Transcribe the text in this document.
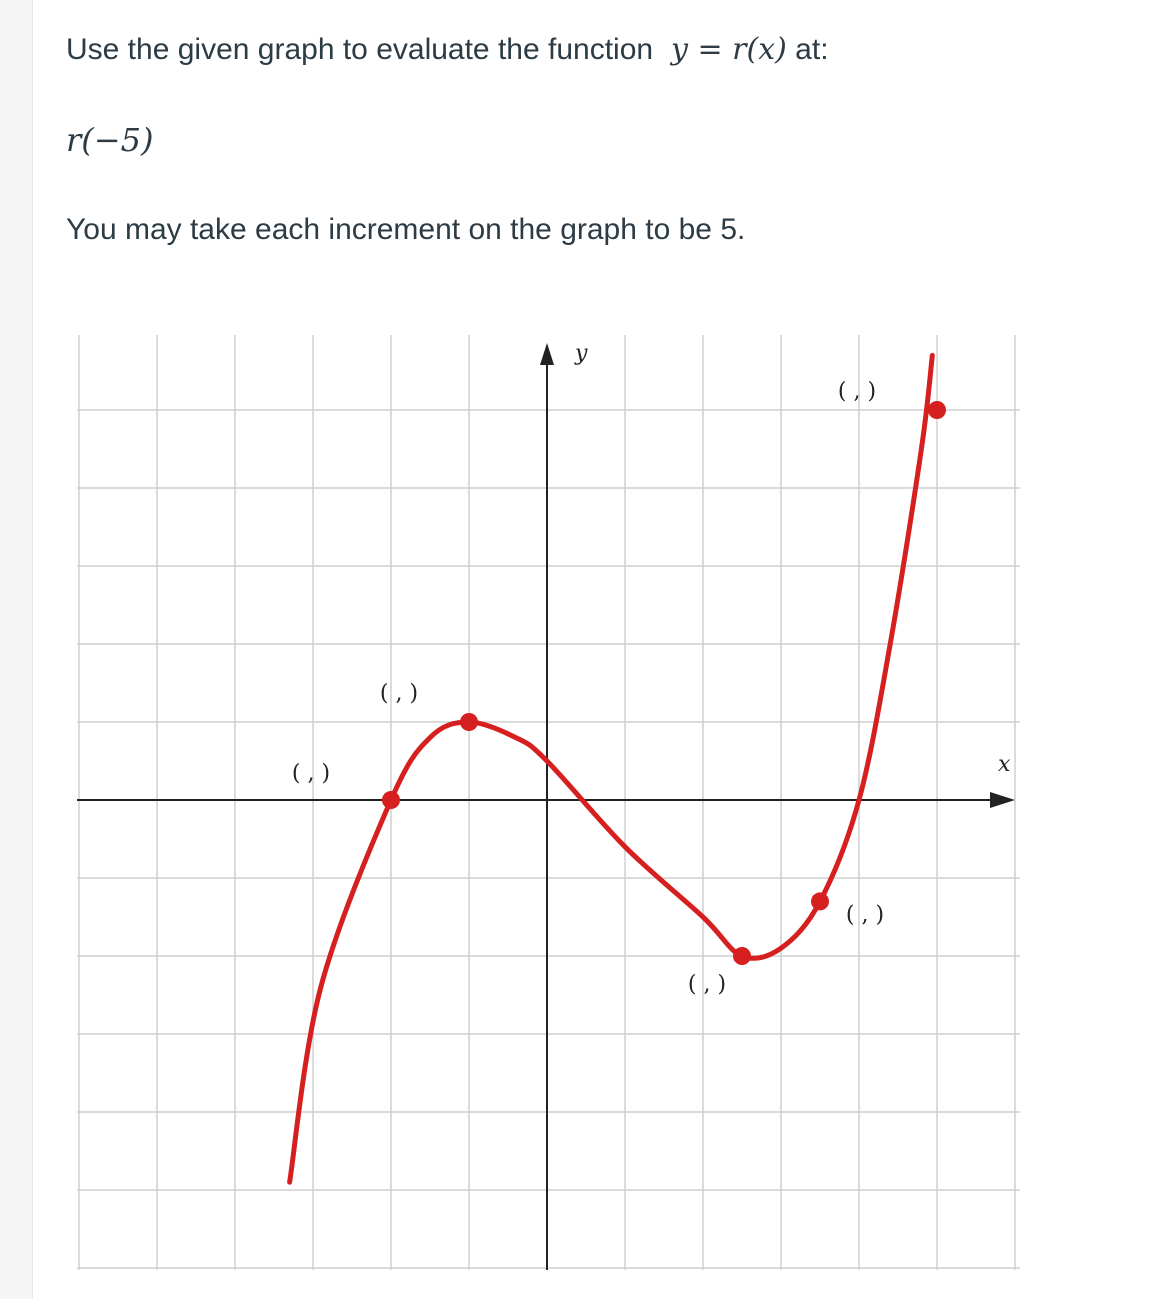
Use the given graph to evaluate the function y = r(x) at:

r(−5)

You may take each increment on the graph to be 5.

x
y
( , )
( , )
( , )
( , )
( , )
